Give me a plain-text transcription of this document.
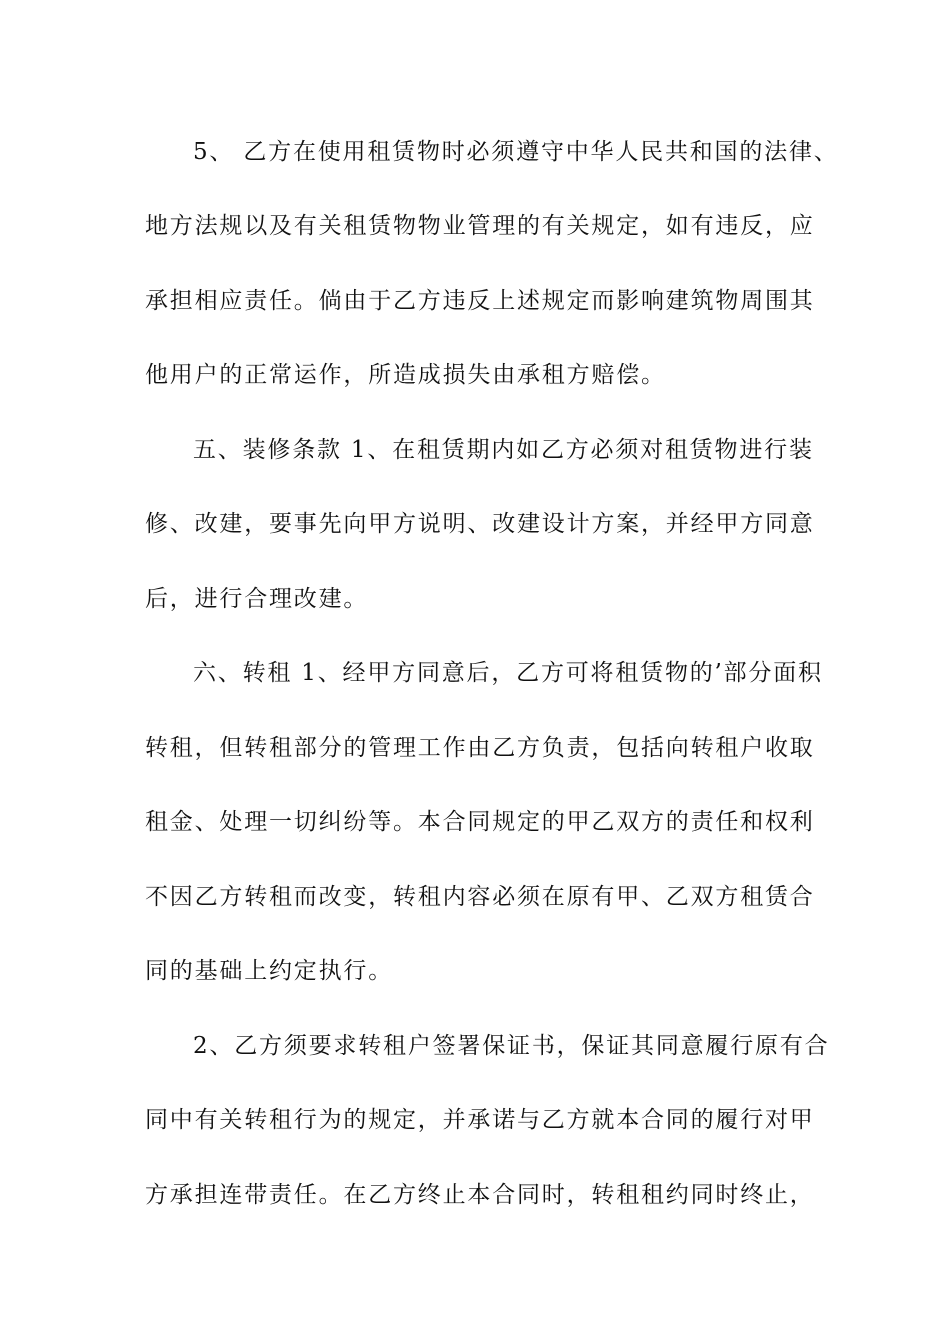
5、 乙方在使用租赁物时必须遵守中华人民共和国的法律、
地方法规以及有关租赁物物业管理的有关规定，如有违反，应
承担相应责任。倘由于乙方违反上述规定而影响建筑物周围其
他用户的正常运作，所造成损失由承租方赔偿。
五、装修条款 1、在租赁期内如乙方必须对租赁物进行装
修、改建，要事先向甲方说明、改建设计方案，并经甲方同意
后，进行合理改建。
六、转租 1、经甲方同意后，乙方可将租赁物的’部分面积
转租，但转租部分的管理工作由乙方负责，包括向转租户收取
租金、处理一切纠纷等。本合同规定的甲乙双方的责任和权利
不因乙方转租而改变，转租内容必须在原有甲、乙双方租赁合
同的基础上约定执行。
2、乙方须要求转租户签署保证书，保证其同意履行原有合
同中有关转租行为的规定，并承诺与乙方就本合同的履行对甲
方承担连带责任。在乙方终止本合同时，转租租约同时终止，
